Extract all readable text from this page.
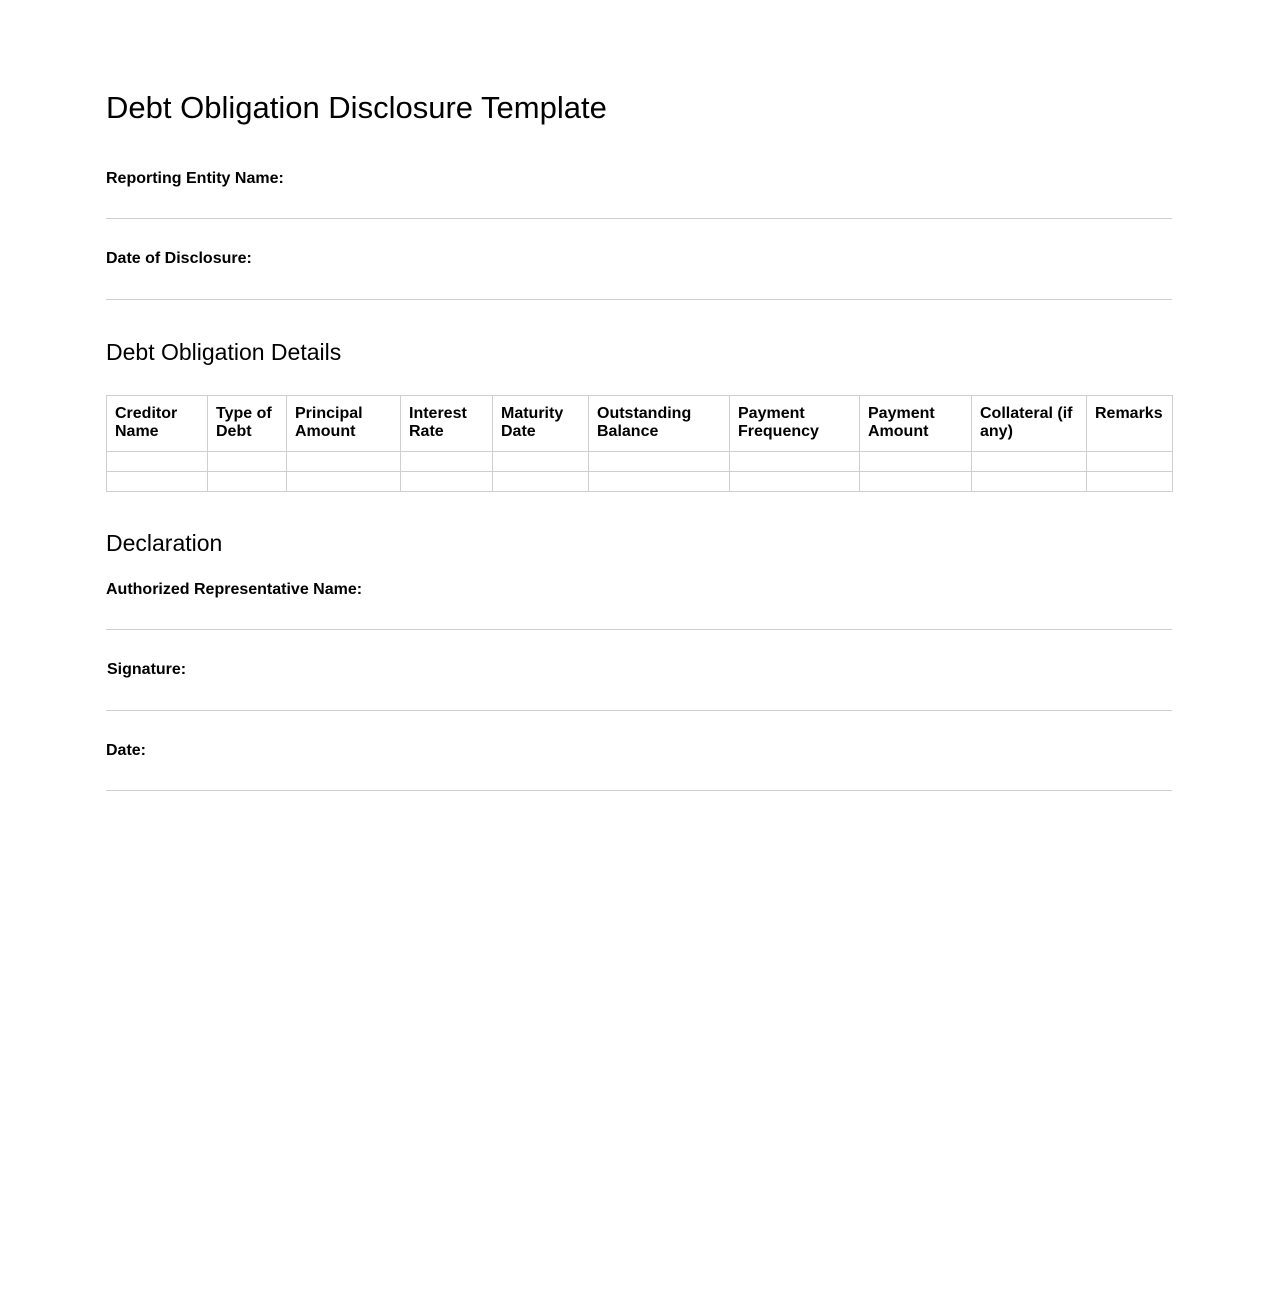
Debt Obligation Disclosure Template
Reporting Entity Name:
Date of Disclosure:
Debt Obligation Details
Creditor Name	Type of Debt	Principal Amount	Interest Rate	Maturity Date	Outstanding Balance	Payment Frequency	Payment Amount	Collateral (if any)	Remarks

Declaration
Authorized Representative Name:
Signature:
Date:
